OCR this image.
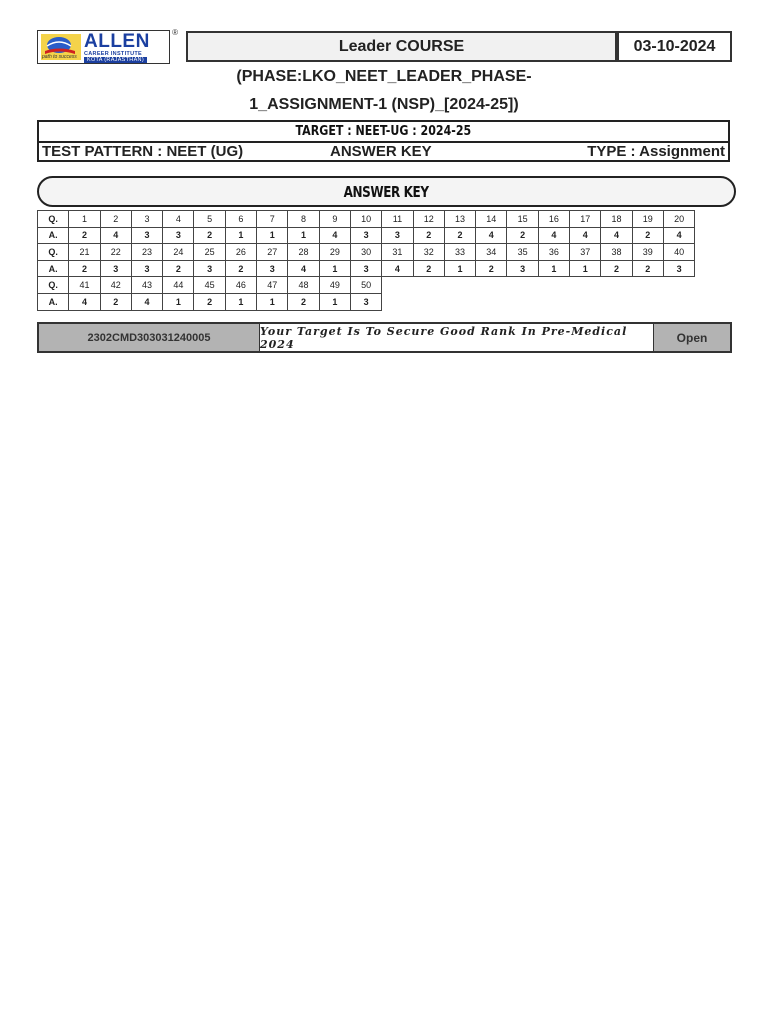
ALLEN
CAREER INSTITUTE
KOTA (RAJASTHAN)
path to success
®
Leader COURSE	03-10-2024
(PHASE:LKO_NEET_LEADER_PHASE-
1_ASSIGNMENT-1 (NSP)_[2024-25])
TARGET : NEET-UG : 2024-25
TEST PATTERN : NEET (UG)	ANSWER KEY	TYPE : Assignment
ANSWER KEY
Q.	1	2	3	4	5	6	7	8	9	10	11	12	13	14	15	16	17	18	19	20
A.	2	4	3	3	2	1	1	1	4	3	3	2	2	4	2	4	4	4	2	4
Q.	21	22	23	24	25	26	27	28	29	30	31	32	33	34	35	36	37	38	39	40
A.	2	3	3	2	3	2	3	4	1	3	4	2	1	2	3	1	1	2	2	3
Q.	41	42	43	44	45	46	47	48	49	50										
A.	4	2	4	1	2	1	1	2	1	3										
2302CMD303031240005	Your Target Is To Secure Good Rank In Pre-Medical 2024	Open
